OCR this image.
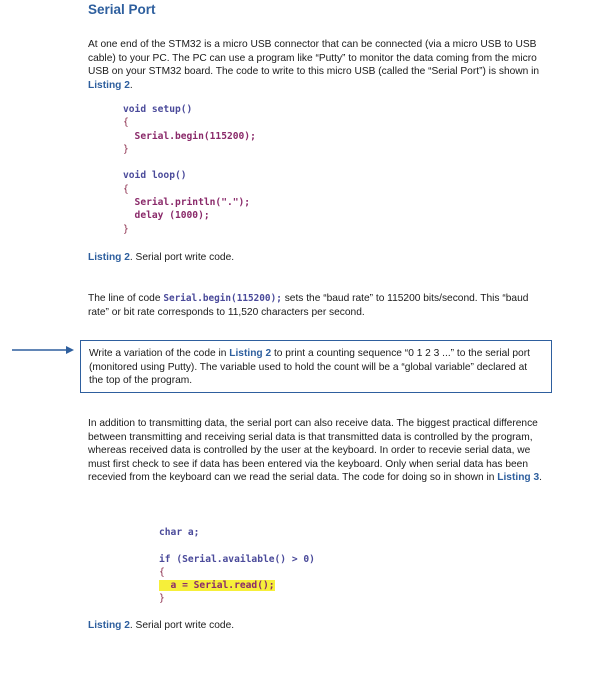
Serial Port

At one end of the STM32 is a micro USB connector that can be connected (via a micro USB to USB cable) to your PC. The PC can use a program like “Putty” to monitor the data coming from the micro USB on your STM32 board. The code to write to this micro USB (called the “Serial Port”) is shown in Listing 2.

void setup()
{
Serial.begin(115200);
}

void loop()
{
Serial.println(".");
delay (1000);
}

Listing 2. Serial port write code.

The line of code Serial.begin(115200); sets the “baud rate” to 115200 bits/second. This “baud rate” or bit rate corresponds to 11,520 characters per second.

Write a variation of the code in Listing 2 to print a counting sequence “0 1 2 3 ...” to the serial port (monitored using Putty). The variable used to hold the count will be a “global variable” declared at the top of the program.

In addition to transmitting data, the serial port can also receive data. The biggest practical difference between transmitting and receiving serial data is that transmitted data is controlled by the program, whereas received data is controlled by the user at the keyboard. In order to recevie serial data, we must first check to see if data has been entered via the keyboard. Only when serial data has been recevied from the keyboard can we read the serial data. The code for doing so in shown in Listing 3.

char a;

if (Serial.available() > 0)
{
a = Serial.read();
}

Listing 2. Serial port write code.
